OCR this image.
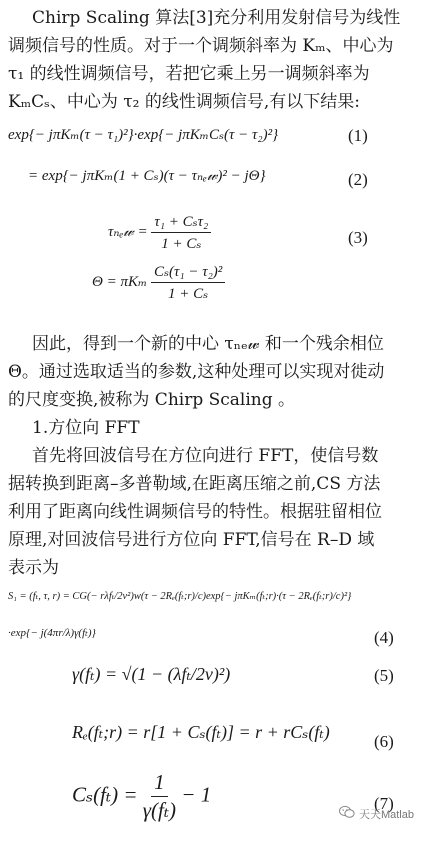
Chirp Scaling 算法[3]充分利用发射信号为线性
调频信号的性质。对于一个调频斜率为 Kₘ、中心为
τ₁ 的线性调频信号，若把它乘上另一调频斜率为
KₘCₛ、中心为 τ₂ 的线性调频信号,有以下结果:
exp{− jπKₘ(τ − τ₁)²}·exp{− jπKₘCₛ(τ − τ₂)²}	(1)
= exp{− jπKₘ(1 + Cₛ)(τ − τₙₑ𝓌)² − jΘ}	(2)
τₙₑ𝓌 = $\frac{\text{τ₁ + Cₛτ₂}}{\text{1 + Cₛ}}$	(3)
Θ = πKₘ $\frac{\text{Cₛ(τ₁ − τ₂)²}}{\text{1 + Cₛ}}$
因此，得到一个新的中心 τₙₑ𝓌 和一个残余相位
Θ。通过选取适当的参数,这种处理可以实现对徙动
的尺度变换,被称为 Chirp Scaling 。
1.方位向 FFT
首先将回波信号在方位向进行 FFT，使信号数
据转换到距离–多普勒域,在距离压缩之前,CS 方法
利用了距离向线性调频信号的特性。根据驻留相位
原理,对回波信号进行方位向 FFT,信号在 R–D 域
表示为
S₁ = (fₜ, τ, r) = CG(− rλfₜ/2v²)w(τ − 2Rₑ(fₜ;r)/c)exp{− jπKₘ(fₜ;r)·(τ − 2Rₑ(fₜ;r)/c)²}
·exp{− j(4πr/λ)γ(fₜ)}	(4)
γ(fₜ) = √(1 − (λfₜ/2v)²)	(5)
Rₑ(fₜ;r) = r[1 + Cₛ(fₜ)] = r + rCₛ(fₜ)	(6)
$C_s(f_t) = \frac{1}{\text{γ(fₜ)}} - 1$	(7)
天天Matlab
